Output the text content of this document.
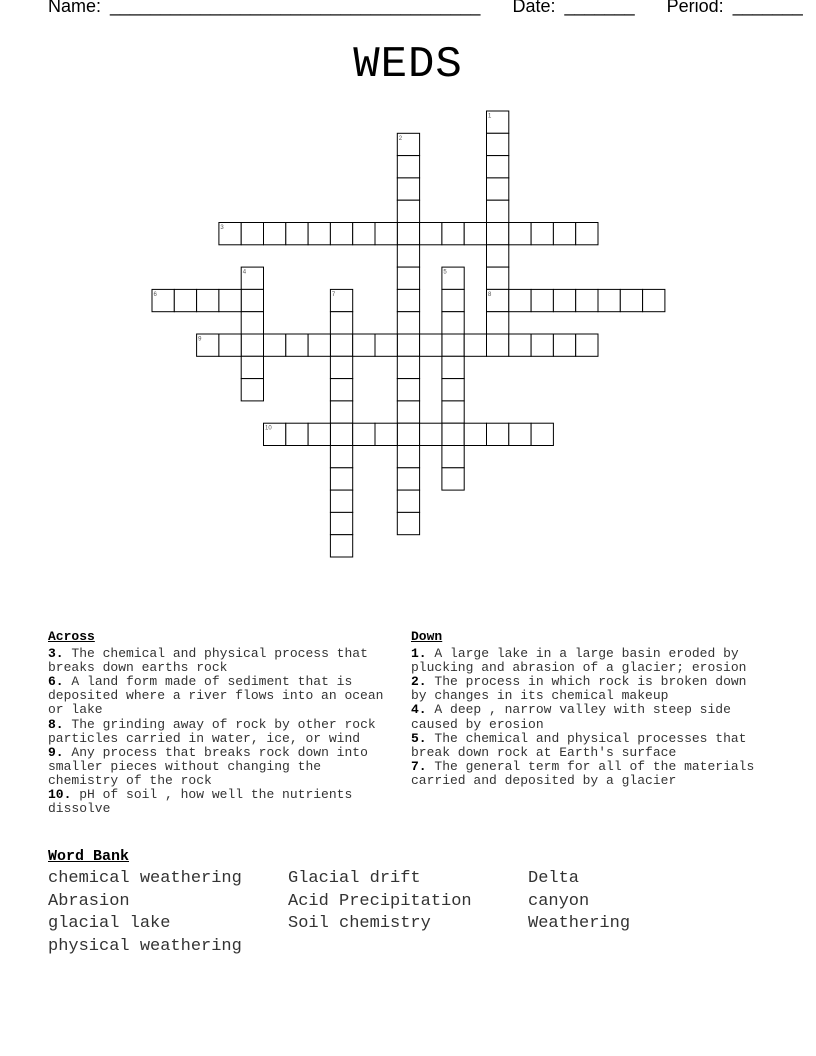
Name: _____________________________________ Date: _______ Period: _______
WEDS
1
2
3
4	5
6	7	8
9
10
Across
3. The chemical and physical process that breaks down earths rock
6. A land form made of sediment that is deposited where a river flows into an ocean or lake
8. The grinding away of rock by other rock particles carried in water, ice, or wind
9. Any process that breaks rock down into smaller pieces without changing the chemistry of the rock
10. pH of soil , how well the nutrients dissolve
Down
1. A large lake in a large basin eroded by plucking and abrasion of a glacier; erosion
2. The process in which rock is broken down by changes in its chemical makeup
4. A deep , narrow valley with steep side caused by erosion
5. The chemical and physical processes that break down rock at Earth's surface
7. The general term for all of the materials carried and deposited by a glacier
Word Bank
chemical weathering	Glacial drift	Delta
Abrasion	Acid Precipitation	canyon
glacial lake	Soil chemistry	Weathering
physical weathering
